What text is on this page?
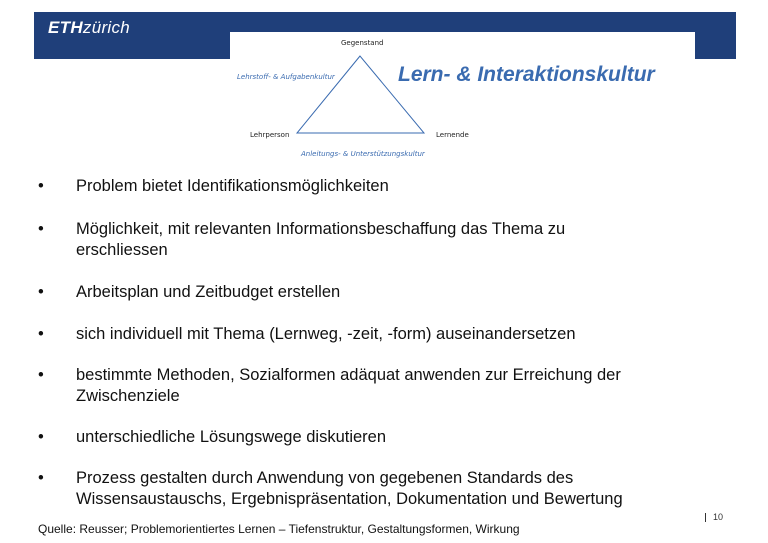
ETHzürich
Gegenstand
Lehrperson	Lernende
Lehrstoff- & Aufgabenkultur
Anleitungs- & Unterstützungskultur
Lern- & Interaktionskultur
•	Problem bietet Identifikationsmöglichkeiten
•	Möglichkeit, mit relevanten Informationsbeschaffung das Thema zu erschliessen
•	Arbeitsplan und Zeitbudget erstellen
•	sich individuell mit Thema (Lernweg, -zeit, -form) auseinandersetzen
•	bestimmte Methoden, Sozialformen adäquat anwenden zur Erreichung der Zwischenziele
•	unterschiedliche Lösungswege diskutieren
•	Prozess gestalten durch Anwendung von gegebenen Standards des Wissensaustauschs, Ergebnispräsentation, Dokumentation und Bewertung
Quelle: Reusser; Problemorientiertes Lernen – Tiefenstruktur, Gestaltungsformen, Wirkung
10
